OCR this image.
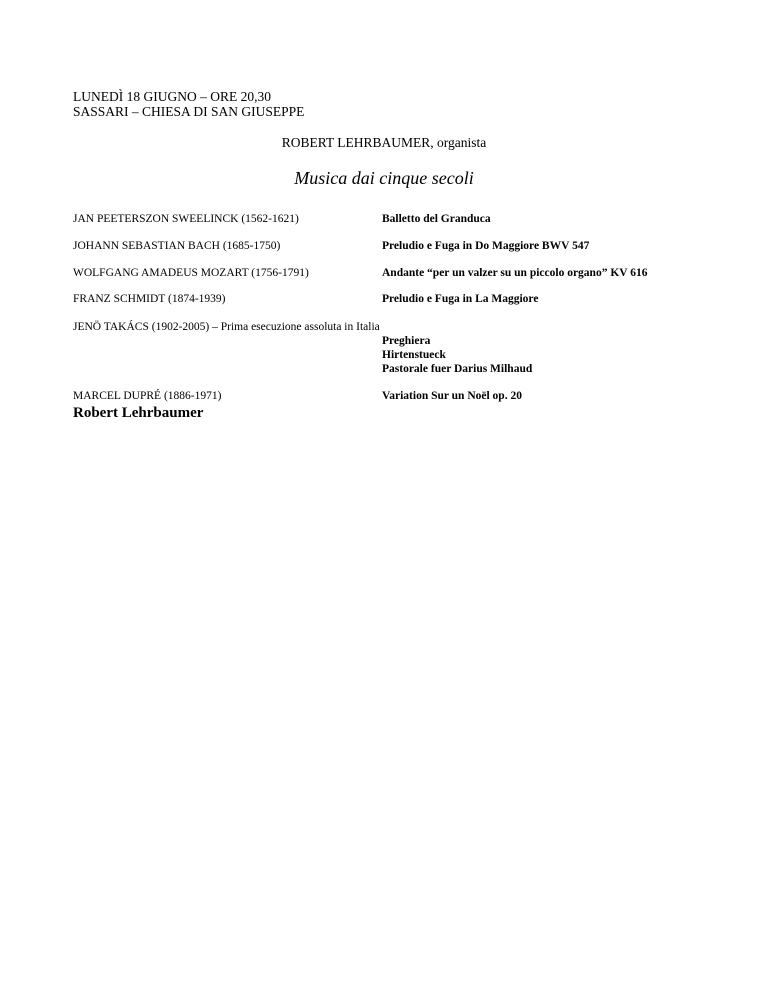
LUNEDÌ 18 GIUGNO – ORE 20,30
SASSARI – CHIESA DI SAN GIUSEPPE
ROBERT LEHRBAUMER, organista
Musica dai cinque secoli
JAN PEETERSZON SWEELINCK (1562-1621)	Balletto del Granduca
JOHANN SEBASTIAN BACH (1685-1750)	Preludio e Fuga in Do Maggiore BWV 547
WOLFGANG AMADEUS MOZART (1756-1791)	Andante “per un valzer su un piccolo organo” KV 616
FRANZ SCHMIDT (1874-1939)	Preludio e Fuga in La Maggiore
JENÖ TAKÁCS (1902-2005) – Prima esecuzione assoluta in Italia
Preghiera
Hirtenstueck
Pastorale fuer Darius Milhaud
MARCEL DUPRÉ (1886-1971)	Variation Sur un Noël op. 20
Robert Lehrbaumer
